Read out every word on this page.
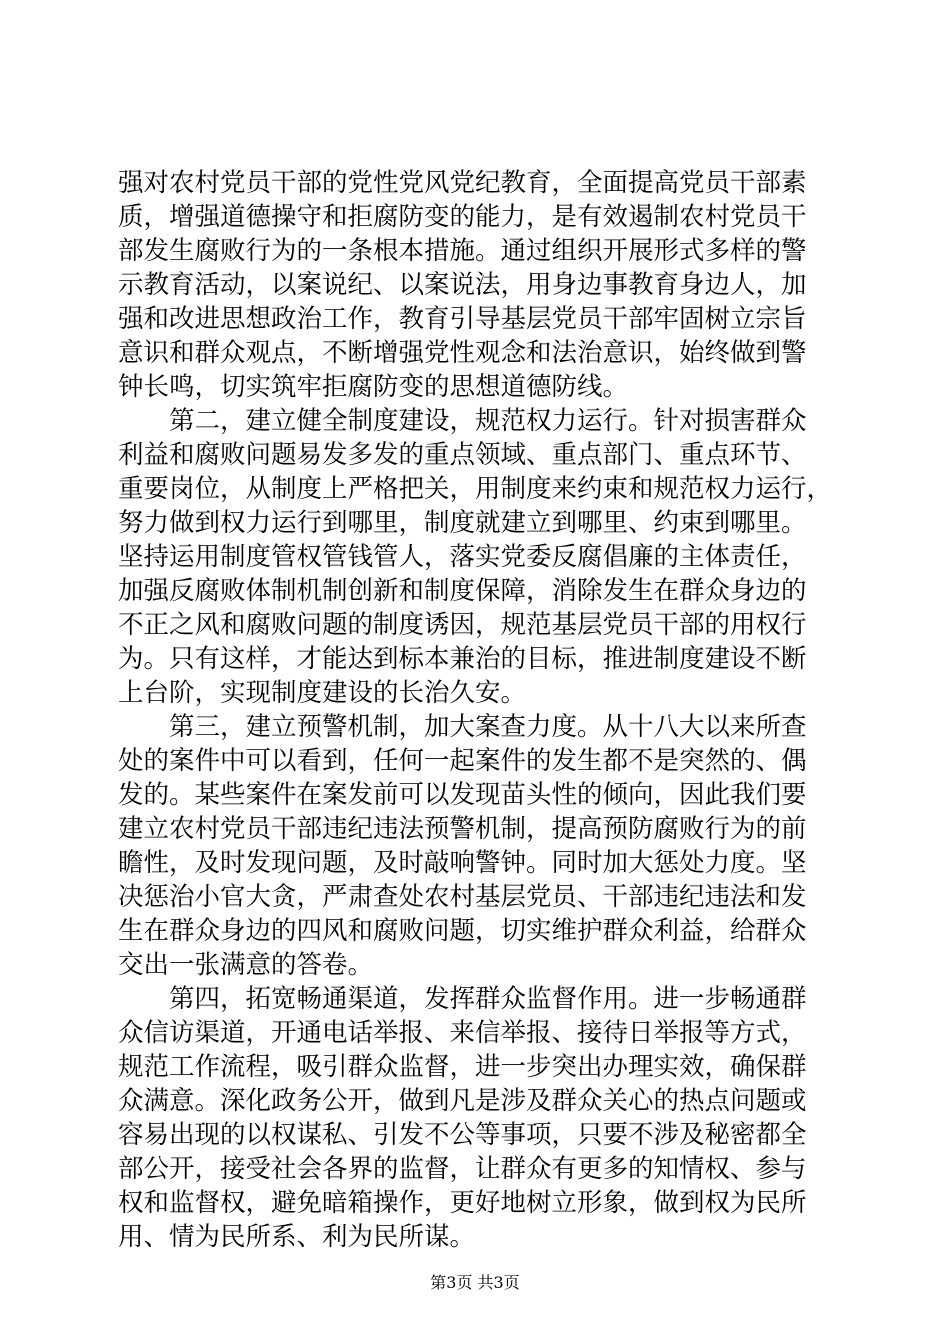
强对农村党员干部的党性党风党纪教育，全面提高党员干部素
质，增强道德操守和拒腐防变的能力，是有效遏制农村党员干
部发生腐败行为的一条根本措施。通过组织开展形式多样的警
示教育活动，以案说纪、以案说法，用身边事教育身边人，加
强和改进思想政治工作，教育引导基层党员干部牢固树立宗旨
意识和群众观点，不断增强党性观念和法治意识，始终做到警
钟长鸣，切实筑牢拒腐防变的思想道德防线。
　　第二，建立健全制度建设，规范权力运行。针对损害群众
利益和腐败问题易发多发的重点领域、重点部门、重点环节、
重要岗位，从制度上严格把关，用制度来约束和规范权力运行，
努力做到权力运行到哪里，制度就建立到哪里、约束到哪里。
坚持运用制度管权管钱管人，落实党委反腐倡廉的主体责任，
加强反腐败体制机制创新和制度保障，消除发生在群众身边的
不正之风和腐败问题的制度诱因，规范基层党员干部的用权行
为。只有这样，才能达到标本兼治的目标，推进制度建设不断
上台阶，实现制度建设的长治久安。
　　第三，建立预警机制，加大案查力度。从十八大以来所查
处的案件中可以看到，任何一起案件的发生都不是突然的、偶
发的。某些案件在案发前可以发现苗头性的倾向，因此我们要
建立农村党员干部违纪违法预警机制，提高预防腐败行为的前
瞻性，及时发现问题，及时敲响警钟。同时加大惩处力度。坚
决惩治小官大贪，严肃查处农村基层党员、干部违纪违法和发
生在群众身边的四风和腐败问题，切实维护群众利益，给群众
交出一张满意的答卷。
　　第四，拓宽畅通渠道，发挥群众监督作用。进一步畅通群
众信访渠道，开通电话举报、来信举报、接待日举报等方式，
规范工作流程，吸引群众监督，进一步突出办理实效，确保群
众满意。深化政务公开，做到凡是涉及群众关心的热点问题或
容易出现的以权谋私、引发不公等事项，只要不涉及秘密都全
部公开，接受社会各界的监督，让群众有更多的知情权、参与
权和监督权，避免暗箱操作，更好地树立形象，做到权为民所
用、情为民所系、利为民所谋。
第3页 共3页
